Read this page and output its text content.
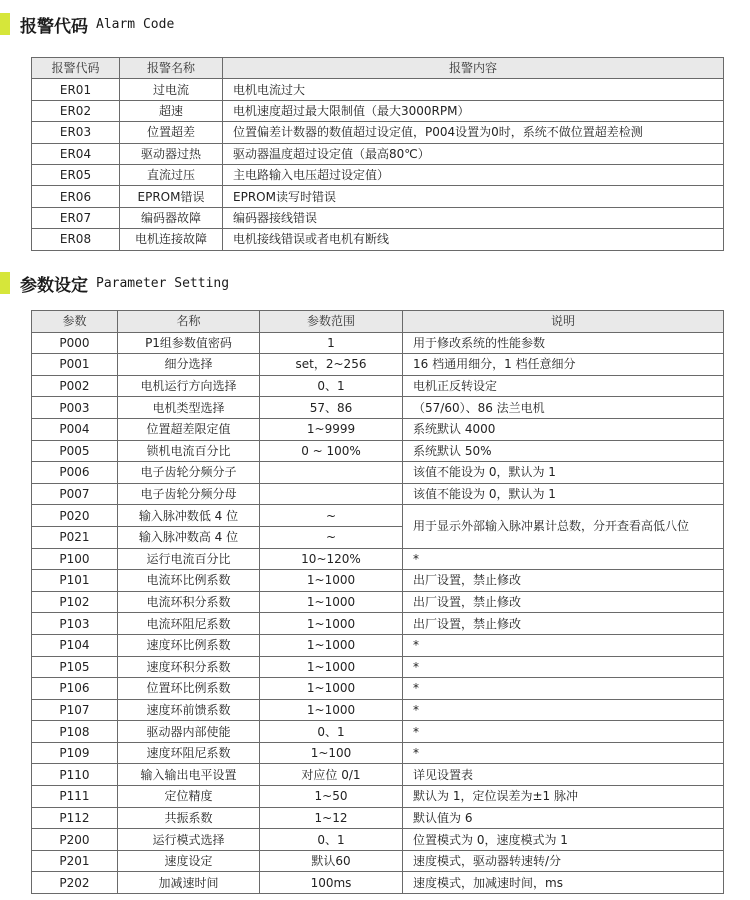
报警代码 Alarm Code
报警代码	报警名称	报警内容
ER01	过电流	电机电流过大
ER02	超速	电机速度超过最大限制值（最大3000RPM）
ER03	位置超差	位置偏差计数器的数值超过设定值，P004设置为0时，系统不做位置超差检测
ER04	驱动器过热	驱动器温度超过设定值（最高80℃）
ER05	直流过压	主电路输入电压超过设定值）
ER06	EPROM错误	EPROM读写时错误
ER07	编码器故障	编码器接线错误
ER08	电机连接故障	电机接线错误或者电机有断线
参数设定 Parameter Setting
参数	名称	参数范围	说明
P000	P1组参数值密码	1	用于修改系统的性能参数
P001	细分选择	set，2~256	16 档通用细分，1 档任意细分
P002	电机运行方向选择	0、1	电机正反转设定
P003	电机类型选择	57、86	（57/60）、86 法兰电机
P004	位置超差限定值	1~9999	系统默认 4000
P005	锁机电流百分比	0 ~ 100%	系统默认 50%
P006	电子齿轮分频分子		该值不能设为 0，默认为 1
P007	电子齿轮分频分母		该值不能设为 0，默认为 1
P020	输入脉冲数低 4 位	~	用于显示外部输入脉冲累计总数，分开查看高低八位
P021	输入脉冲数高 4 位	~	
P100	运行电流百分比	10~120%	*
P101	电流环比例系数	1~1000	出厂设置，禁止修改
P102	电流环积分系数	1~1000	出厂设置，禁止修改
P103	电流环阻尼系数	1~1000	出厂设置，禁止修改
P104	速度环比例系数	1~1000	*
P105	速度环积分系数	1~1000	*
P106	位置环比例系数	1~1000	*
P107	速度环前馈系数	1~1000	*
P108	驱动器内部使能	0、1	*
P109	速度环阻尼系数	1~100	*
P110	输入输出电平设置	对应位 0/1	详见设置表
P111	定位精度	1~50	默认为 1，定位误差为±1 脉冲
P112	共振系数	1~12	默认值为 6
P200	运行模式选择	0、1	位置模式为 0，速度模式为 1
P201	速度设定	默认60	速度模式，驱动器转速转/分
P202	加减速时间	100ms	速度模式，加减速时间，ms
